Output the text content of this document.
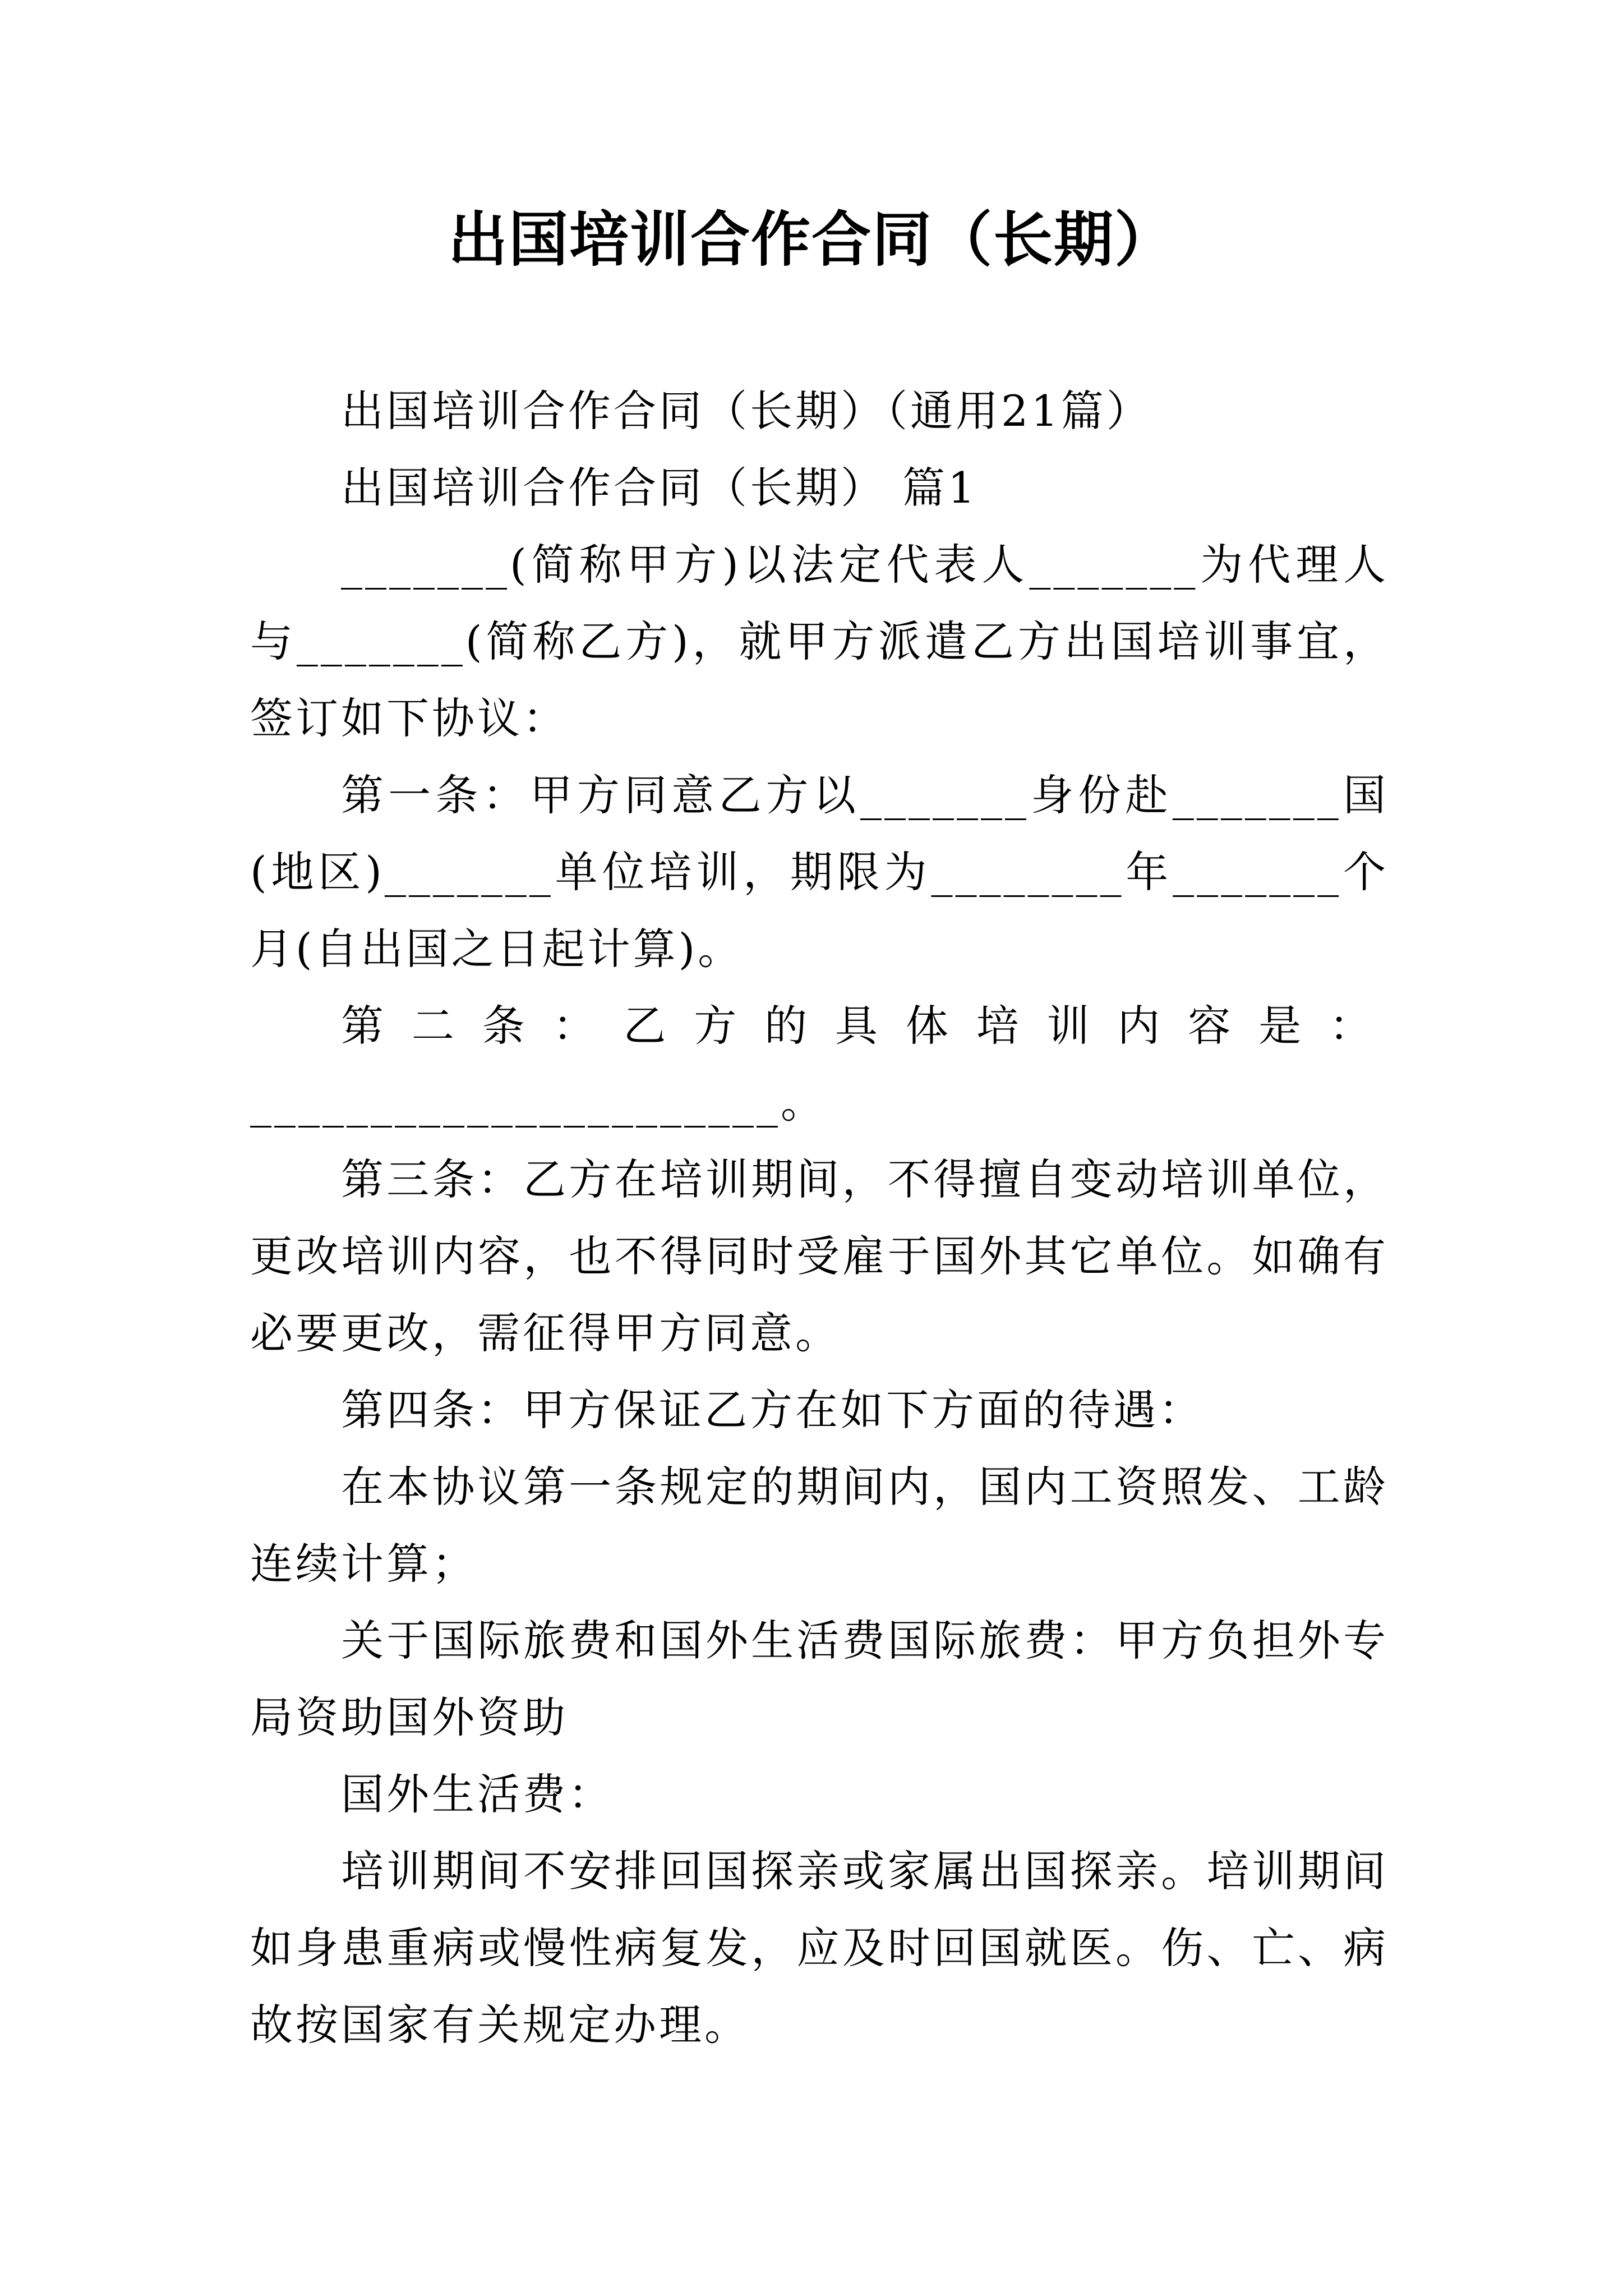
出国培训合作合同（长期）

出国培训合作合同（长期）（通用21篇）

出国培训合作合同（长期） 篇1

_______(简称甲方)以法定代表人_______为代理人与_______(简称乙方)，就甲方派遣乙方出国培训事宜，签订如下协议：

第一条：甲方同意乙方以_______身份赴_______国(地区)_______单位培训，期限为________年_______个月(自出国之日起计算)。

第二条：乙方的具体培训内容是：

______________________。

第三条：乙方在培训期间，不得擅自变动培训单位，更改培训内容，也不得同时受雇于国外其它单位。如确有必要更改，需征得甲方同意。

第四条：甲方保证乙方在如下方面的待遇：

在本协议第一条规定的期间内，国内工资照发、工龄连续计算；

关于国际旅费和国外生活费国际旅费：甲方负担外专局资助国外资助

国外生活费：

培训期间不安排回国探亲或家属出国探亲。培训期间如身患重病或慢性病复发，应及时回国就医。伤、亡、病故按国家有关规定办理。
